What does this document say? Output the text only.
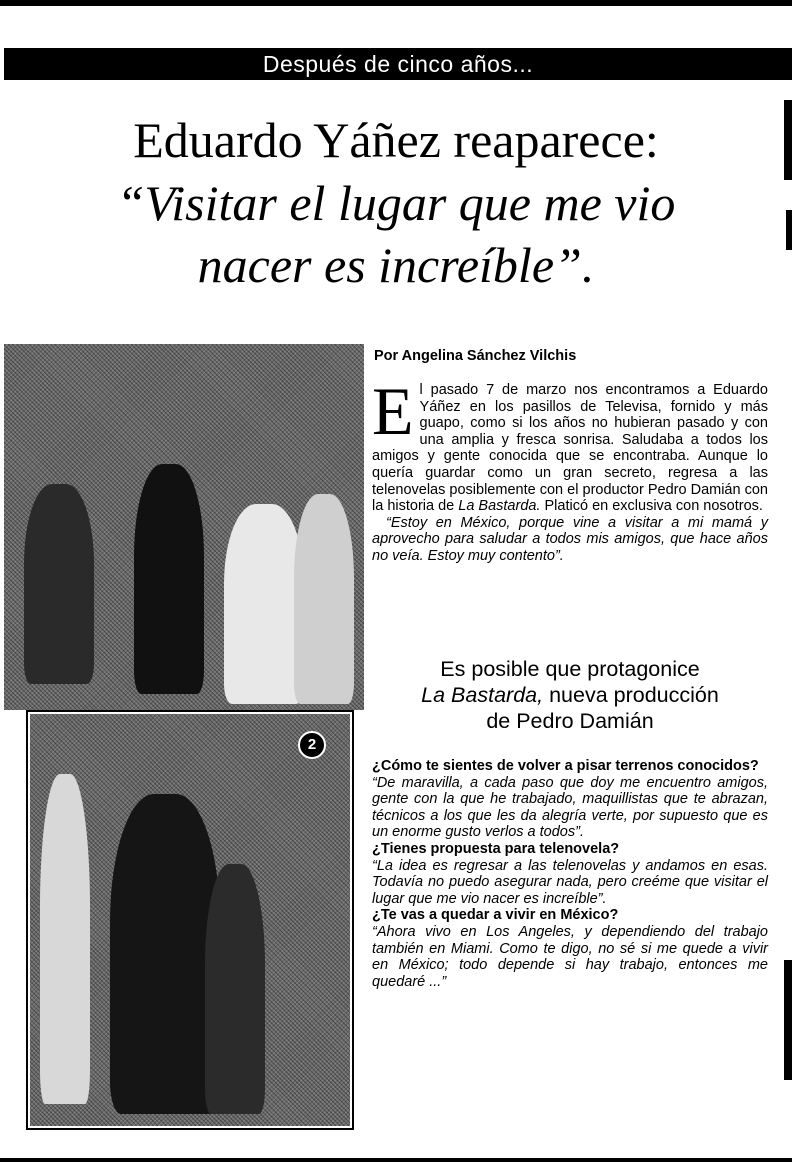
Después de cinco años...
Eduardo Yáñez reaparece:
“Visitar el lugar que me vio
nacer es increíble”.
2
Por Angelina Sánchez Vilchis

El pasado 7 de marzo nos encontramos a Eduardo Yáñez en los pasillos de Televisa, fornido y más guapo, como si los años no hubieran pasado y con una amplia y fresca sonrisa. Saludaba a todos los amigos y gente conocida que se encontraba. Aunque lo quería guardar como un gran secreto, regresa a las telenovelas posiblemente con el productor Pedro Damián con la historia de La Bastarda. Platicó en exclusiva con nosotros.

“Estoy en México, porque vine a visitar a mi mamá y aprovecho para saludar a todos mis amigos, que hace años no veía. Estoy muy contento”.

Es posible que protagonice
La Bastarda, nueva producción
de Pedro Damián

¿Cómo te sientes de volver a pisar terrenos conocidos?

“De maravilla, a cada paso que doy me encuentro amigos, gente con la que he trabajado, maquillistas que te abrazan, técnicos a los que les da alegría verte, por supuesto que es un enorme gusto verlos a todos”.

¿Tienes propuesta para telenovela?

“La idea es regresar a las telenovelas y andamos en esas. Todavía no puedo asegurar nada, pero creéme que visitar el lugar que me vio nacer es increíble”.

¿Te vas a quedar a vivir en México?

“Ahora vivo en Los Angeles, y dependiendo del trabajo también en Miami. Como te digo, no sé si me quede a vivir en México; todo depende si hay trabajo, entonces me quedaré ...”
